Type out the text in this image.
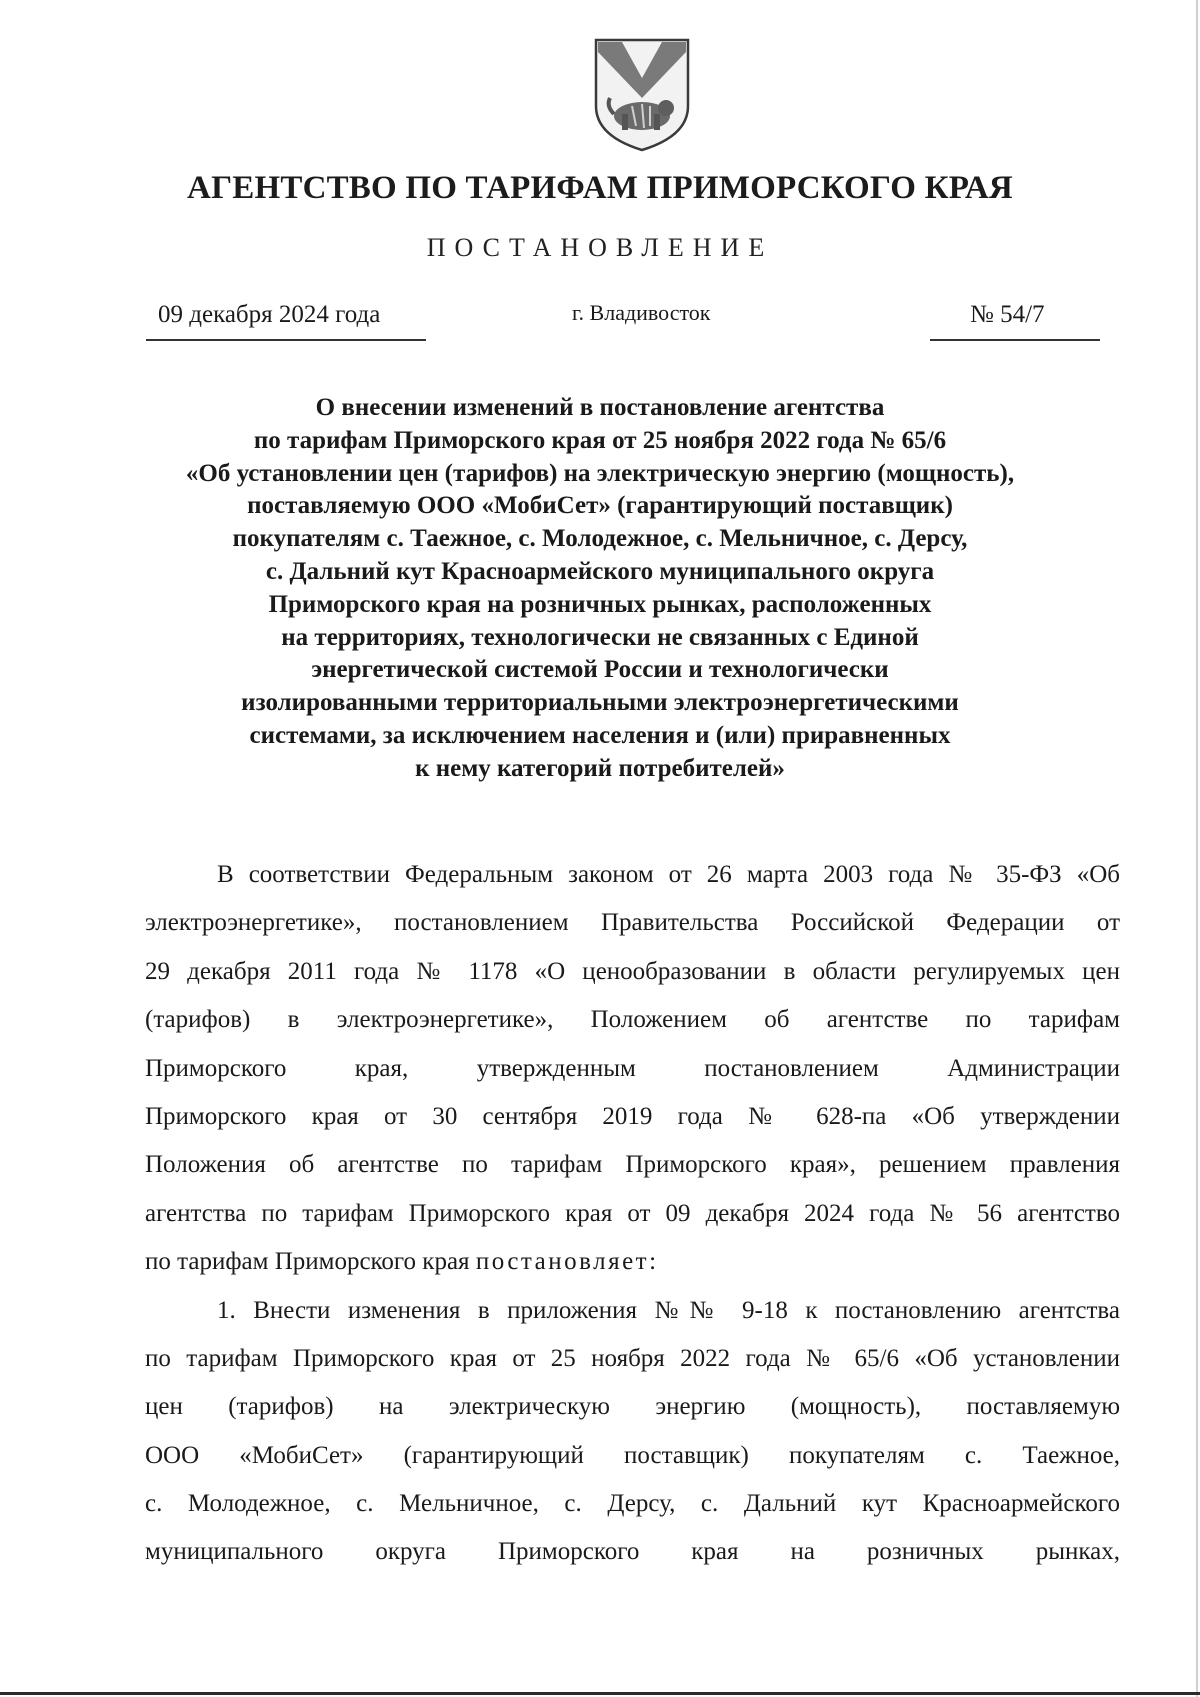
АГЕНТСТВО ПО ТАРИФАМ ПРИМОРСКОГО КРАЯ
ПОСТАНОВЛЕНИЕ
09 декабря 2024 года	г. Владивосток	№ 54/7
О внесении изменений в постановление агентства
по тарифам Приморского края от 25 ноября 2022 года № 65/6
«Об установлении цен (тарифов) на электрическую энергию (мощность),
поставляемую ООО «МобиСет» (гарантирующий поставщик)
покупателям с. Таежное, с. Молодежное, с. Мельничное, с. Дерсу,
с. Дальний кут Красноармейского муниципального округа
Приморского края на розничных рынках, расположенных
на территориях, технологически не связанных с Единой
энергетической системой России и технологически
изолированными территориальными электроэнергетическими
системами, за исключением населения и (или) приравненных
к нему категорий потребителей»
В соответствии Федеральным законом от 26 марта 2003 года № 35-ФЗ «Об
электроэнергетике», постановлением Правительства Российской Федерации от
29 декабря 2011 года № 1178 «О ценообразовании в области регулируемых цен
(тарифов) в электроэнергетике», Положением об агентстве по тарифам
Приморского края, утвержденным постановлением Администрации
Приморского края от 30 сентября 2019 года № 628-па «Об утверждении
Положения об агентстве по тарифам Приморского края», решением правления
агентства по тарифам Приморского края от 09 декабря 2024 года № 56 агентство
по тарифам Приморского края постановляет:
1. Внести изменения в приложения №№ 9-18 к постановлению агентства
по тарифам Приморского края от 25 ноября 2022 года № 65/6 «Об установлении
цен (тарифов) на электрическую энергию (мощность), поставляемую
ООО «МобиСет» (гарантирующий поставщик) покупателям с. Таежное,
с. Молодежное, с. Мельничное, с. Дерсу, с. Дальний кут Красноармейского
муниципального округа Приморского края на розничных рынках,
